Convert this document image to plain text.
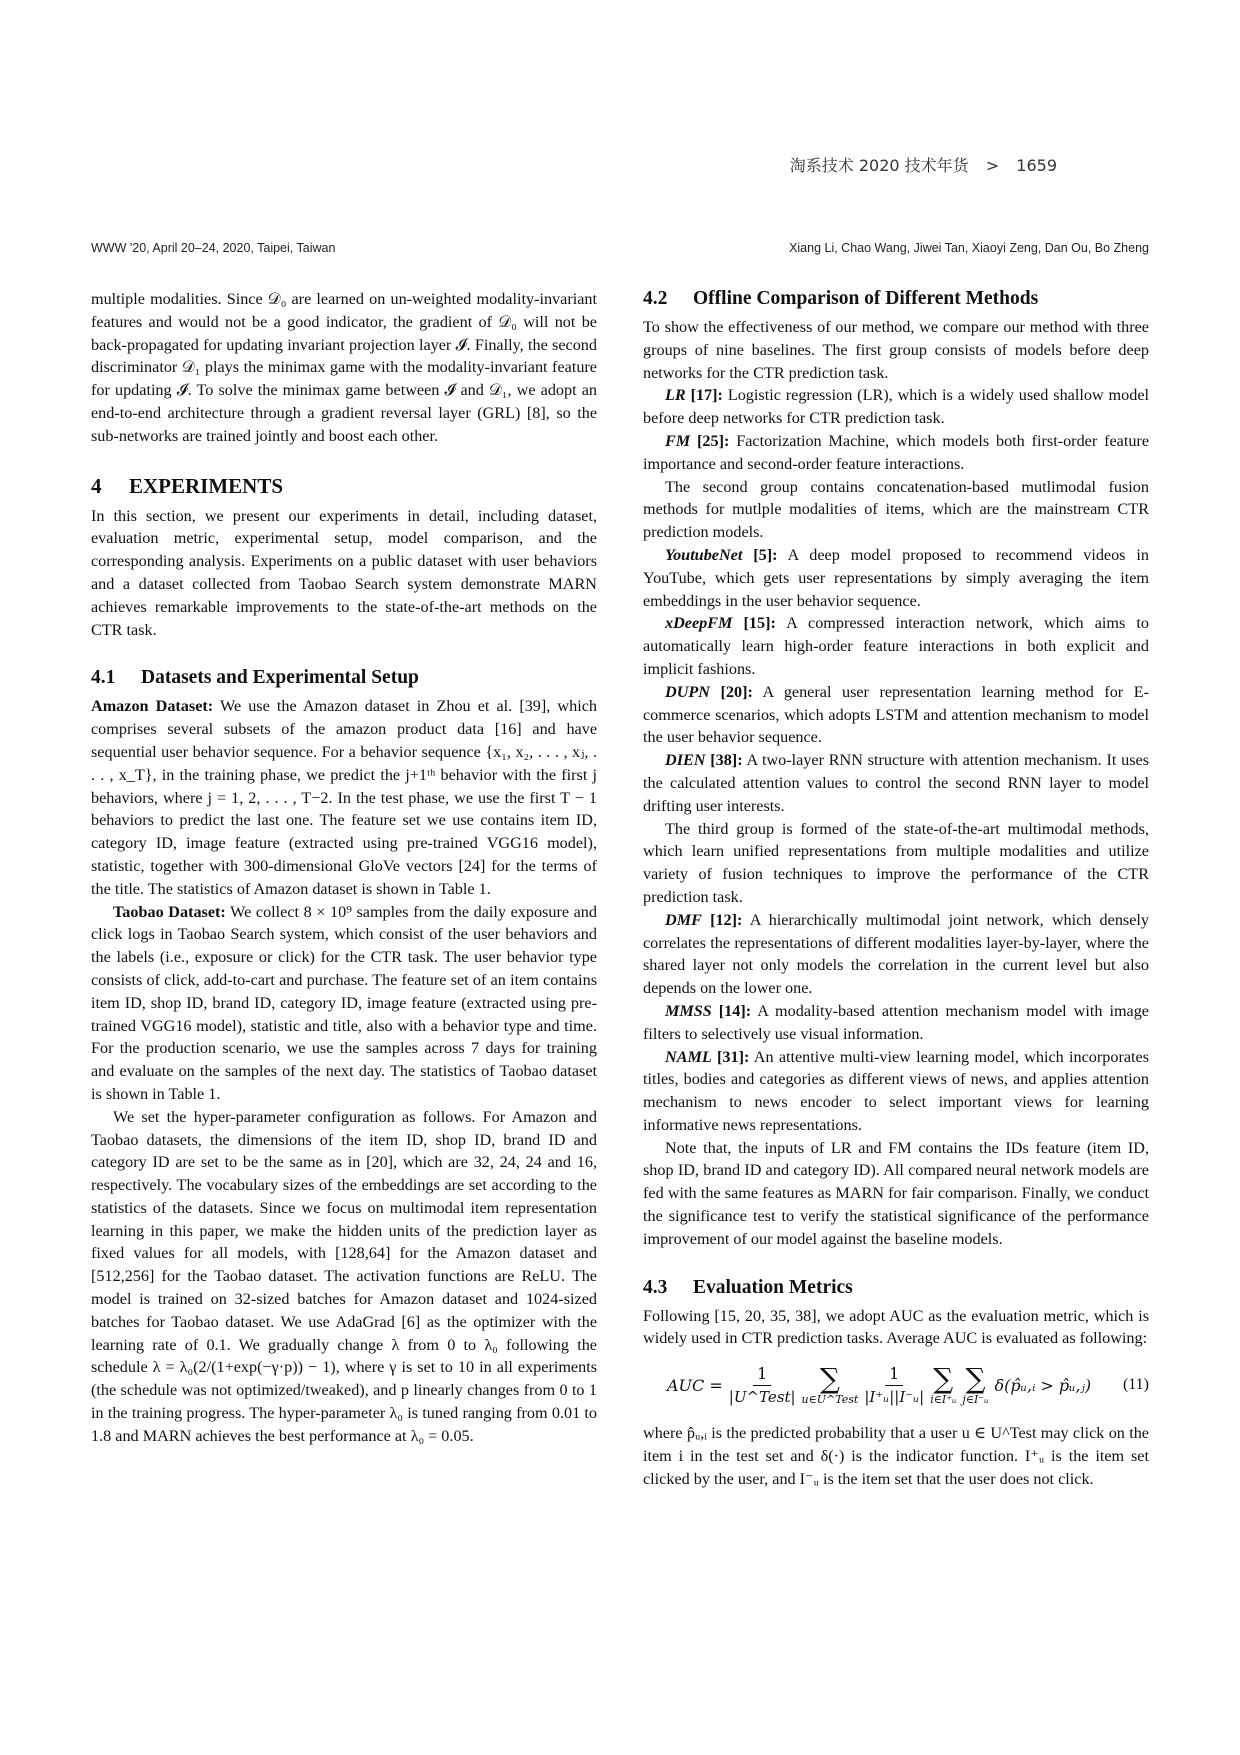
淘系技术 2020 技术年货 > 1659
WWW '20, April 20–24, 2020, Taipei, Taiwan	Xiang Li, Chao Wang, Jiwei Tan, Xiaoyi Zeng, Dan Ou, Bo Zheng

multiple modalities. Since 𝒟₀ are learned on un-weighted modality-invariant features and would not be a good indicator, the gradient of 𝒟₀ will not be back-propagated for updating invariant projection layer 𝓘. Finally, the second discriminator 𝒟₁ plays the minimax game with the modality-invariant feature for updating 𝓘. To solve the minimax game between 𝓘 and 𝒟₁, we adopt an end-to-end architecture through a gradient reversal layer (GRL) [8], so the sub-networks are trained jointly and boost each other.

4 EXPERIMENTS

In this section, we present our experiments in detail, including dataset, evaluation metric, experimental setup, model comparison, and the corresponding analysis. Experiments on a public dataset with user behaviors and a dataset collected from Taobao Search system demonstrate MARN achieves remarkable improvements to the state-of-the-art methods on the CTR task.

4.1 Datasets and Experimental Setup

Amazon Dataset: We use the Amazon dataset in Zhou et al. [39], which comprises several subsets of the amazon product data [16] and have sequential user behavior sequence. For a behavior sequence {x₁, x₂, . . . , xⱼ, . . . , x_T}, in the training phase, we predict the j+1ᵗʰ behavior with the first j behaviors, where j = 1, 2, . . . , T−2. In the test phase, we use the first T − 1 behaviors to predict the last one. The feature set we use contains item ID, category ID, image feature (extracted using pre-trained VGG16 model), statistic, together with 300-dimensional GloVe vectors [24] for the terms of the title. The statistics of Amazon dataset is shown in Table 1.

Taobao Dataset: We collect 8 × 10⁹ samples from the daily exposure and click logs in Taobao Search system, which consist of the user behaviors and the labels (i.e., exposure or click) for the CTR task. The user behavior type consists of click, add-to-cart and purchase. The feature set of an item contains item ID, shop ID, brand ID, category ID, image feature (extracted using pre-trained VGG16 model), statistic and title, also with a behavior type and time. For the production scenario, we use the samples across 7 days for training and evaluate on the samples of the next day. The statistics of Taobao dataset is shown in Table 1.

We set the hyper-parameter configuration as follows. For Amazon and Taobao datasets, the dimensions of the item ID, shop ID, brand ID and category ID are set to be the same as in [20], which are 32, 24, 24 and 16, respectively. The vocabulary sizes of the embeddings are set according to the statistics of the datasets. Since we focus on multimodal item representation learning in this paper, we make the hidden units of the prediction layer as fixed values for all models, with [128,64] for the Amazon dataset and [512,256] for the Taobao dataset. The activation functions are ReLU. The model is trained on 32-sized batches for Amazon dataset and 1024-sized batches for Taobao dataset. We use AdaGrad [6] as the optimizer with the learning rate of 0.1. We gradually change λ from 0 to λ₀ following the schedule λ = λ₀(2/(1+exp(−γ·p)) − 1), where γ is set to 10 in all experiments (the schedule was not optimized/tweaked), and p linearly changes from 0 to 1 in the training progress. The hyper-parameter λ₀ is tuned ranging from 0.01 to 1.8 and MARN achieves the best performance at λ₀ = 0.05.

4.2 Offline Comparison of Different Methods

To show the effectiveness of our method, we compare our method with three groups of nine baselines. The first group consists of models before deep networks for the CTR prediction task.

LR [17]: Logistic regression (LR), which is a widely used shallow model before deep networks for CTR prediction task.

FM [25]: Factorization Machine, which models both first-order feature importance and second-order feature interactions.

The second group contains concatenation-based mutlimodal fusion methods for mutlple modalities of items, which are the mainstream CTR prediction models.

YoutubeNet [5]: A deep model proposed to recommend videos in YouTube, which gets user representations by simply averaging the item embeddings in the user behavior sequence.

xDeepFM [15]: A compressed interaction network, which aims to automatically learn high-order feature interactions in both explicit and implicit fashions.

DUPN [20]: A general user representation learning method for E-commerce scenarios, which adopts LSTM and attention mechanism to model the user behavior sequence.

DIEN [38]: A two-layer RNN structure with attention mechanism. It uses the calculated attention values to control the second RNN layer to model drifting user interests.

The third group is formed of the state-of-the-art multimodal methods, which learn unified representations from multiple modalities and utilize variety of fusion techniques to improve the performance of the CTR prediction task.

DMF [12]: A hierarchically multimodal joint network, which densely correlates the representations of different modalities layer-by-layer, where the shared layer not only models the correlation in the current level but also depends on the lower one.

MMSS [14]: A modality-based attention mechanism model with image filters to selectively use visual information.

NAML [31]: An attentive multi-view learning model, which incorporates titles, bodies and categories as different views of news, and applies attention mechanism to news encoder to select important views for learning informative news representations.

Note that, the inputs of LR and FM contains the IDs feature (item ID, shop ID, brand ID and category ID). All compared neural network models are fed with the same features as MARN for fair comparison. Finally, we conduct the significance test to verify the statistical significance of the performance improvement of our model against the baseline models.

4.3 Evaluation Metrics

Following [15, 20, 35, 38], we adopt AUC as the evaluation metric, which is widely used in CTR prediction tasks. Average AUC is evaluated as following:

AUC = $\frac{1}{\text{|U\textasciicircum{}Test|}}$ ∑
u∈U^Test $\frac{1}{\text{|I⁺ᵤ||I⁻ᵤ|}}$ ∑
i∈I⁺ᵤ
∑
j∈I⁻ᵤ
δ(p̂ᵤ,ᵢ > p̂ᵤ,ⱼ) (11)

where p̂ᵤ,ᵢ is the predicted probability that a user u ∈ U^Test may click on the item i in the test set and δ(·) is the indicator function. I⁺ᵤ is the item set clicked by the user, and I⁻ᵤ is the item set that the user does not click.
